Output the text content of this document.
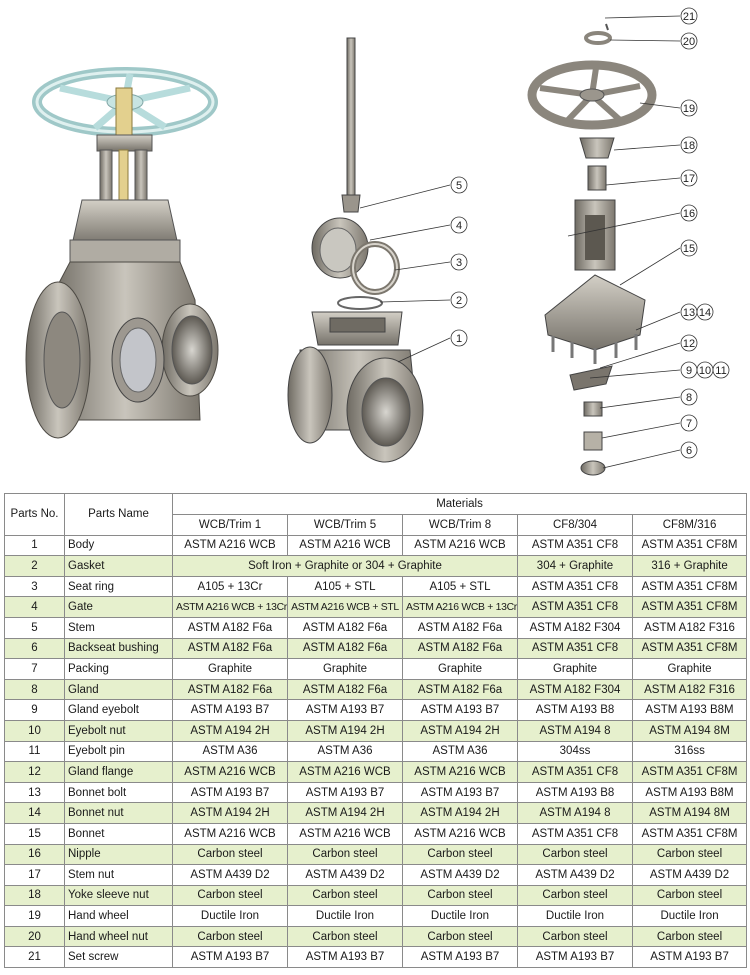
21
20
19
18
17
16
15
13 14
12
9 10 11
8
7
6
5
4
3
2
1
Parts No.	Parts Name	Materials				
		WCB/Trim 1	WCB/Trim 5	WCB/Trim 8	CF8/304	CF8M/316
1	Body	ASTM A216 WCB	ASTM A216 WCB	ASTM A216 WCB	ASTM A351 CF8	ASTM A351 CF8M
2	Gasket	Soft Iron + Graphite or 304 + Graphite			304 + Graphite	316 + Graphite
3	Seat ring	A105 + 13Cr	A105 + STL	A105 + STL	ASTM A351 CF8	ASTM A351 CF8M
4	Gate	ASTM A216 WCB + 13Cr	ASTM A216 WCB + STL	ASTM A216 WCB + 13Cr	ASTM A351 CF8	ASTM A351 CF8M
5	Stem	ASTM A182 F6a	ASTM A182 F6a	ASTM A182 F6a	ASTM A182 F304	ASTM A182 F316
6	Backseat bushing	ASTM A182 F6a	ASTM A182 F6a	ASTM A182 F6a	ASTM A351 CF8	ASTM A351 CF8M
7	Packing	Graphite	Graphite	Graphite	Graphite	Graphite
8	Gland	ASTM A182 F6a	ASTM A182 F6a	ASTM A182 F6a	ASTM A182 F304	ASTM A182 F316
9	Gland eyebolt	ASTM A193 B7	ASTM A193 B7	ASTM A193 B7	ASTM A193 B8	ASTM A193 B8M
10	Eyebolt nut	ASTM A194 2H	ASTM A194 2H	ASTM A194 2H	ASTM A194 8	ASTM A194 8M
11	Eyebolt pin	ASTM A36	ASTM A36	ASTM A36	304ss	316ss
12	Gland flange	ASTM A216 WCB	ASTM A216 WCB	ASTM A216 WCB	ASTM A351 CF8	ASTM A351 CF8M
13	Bonnet bolt	ASTM A193 B7	ASTM A193 B7	ASTM A193 B7	ASTM A193 B8	ASTM A193 B8M
14	Bonnet nut	ASTM A194 2H	ASTM A194 2H	ASTM A194 2H	ASTM A194 8	ASTM A194 8M
15	Bonnet	ASTM A216 WCB	ASTM A216 WCB	ASTM A216 WCB	ASTM A351 CF8	ASTM A351 CF8M
16	Nipple	Carbon steel	Carbon steel	Carbon steel	Carbon steel	Carbon steel
17	Stem nut	ASTM A439 D2	ASTM A439 D2	ASTM A439 D2	ASTM A439 D2	ASTM A439 D2
18	Yoke sleeve nut	Carbon steel	Carbon steel	Carbon steel	Carbon steel	Carbon steel
19	Hand wheel	Ductile Iron	Ductile Iron	Ductile Iron	Ductile Iron	Ductile Iron
20	Hand wheel nut	Carbon steel	Carbon steel	Carbon steel	Carbon steel	Carbon steel
21	Set screw	ASTM A193 B7	ASTM A193 B7	ASTM A193 B7	ASTM A193 B7	ASTM A193 B7
